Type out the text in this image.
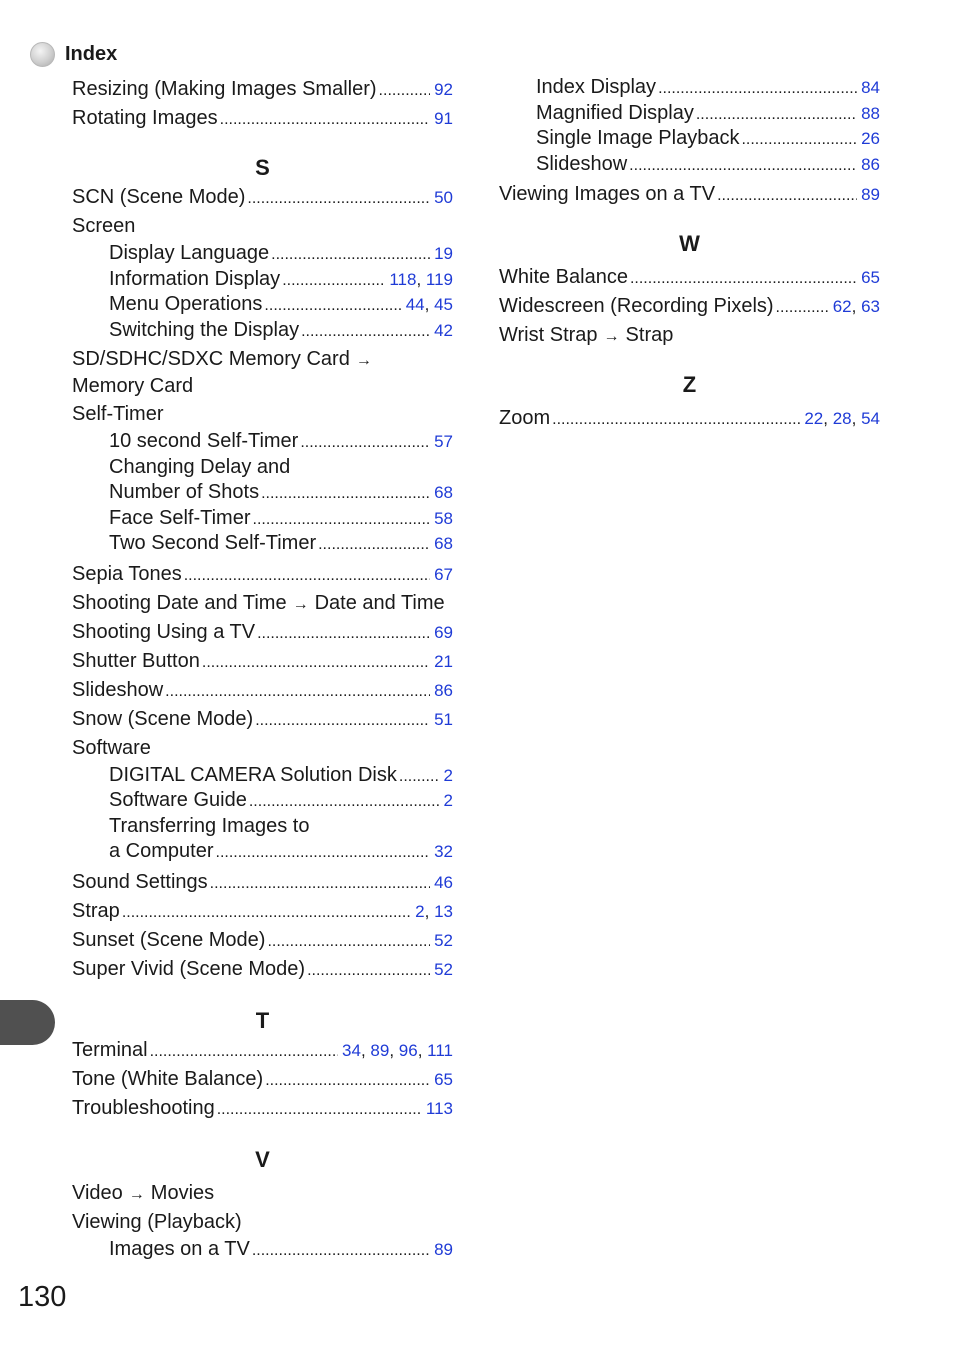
Index
Resizing (Making Images Smaller) .....	92
Rotating Images .....	91
S
SCN (Scene Mode) .....	50
Screen
Display Language .....	19
Information Display .....	118, 119
Menu Operations .....	44, 45
Switching the Display .....	42
SD/SDHC/SDXC Memory Card →
Memory Card
Self-Timer
10 second Self-Timer .....	57
Changing Delay and
Number of Shots .....	68
Face Self-Timer .....	58
Two Second Self-Timer .....	68
Sepia Tones .....	67
Shooting Date and Time → Date and Time
Shooting Using a TV .....	69
Shutter Button .....	21
Slideshow .....	86
Snow (Scene Mode) .....	51
Software
DIGITAL CAMERA Solution Disk .....	2
Software Guide .....	2
Transferring Images to
a Computer .....	32
Sound Settings .....	46
Strap .....	2, 13
Sunset (Scene Mode) .....	52
Super Vivid (Scene Mode) .....	52
T
Terminal .....	34, 89, 96, 111
Tone (White Balance) .....	65
Troubleshooting .....	113
V
Video → Movies
Viewing (Playback)
Images on a TV .....	89
Index Display .....	84
Magnified Display .....	88
Single Image Playback .....	26
Slideshow .....	86
Viewing Images on a TV .....	89
W
White Balance .....	65
Widescreen (Recording Pixels) .....	62, 63
Wrist Strap → Strap
Z
Zoom .....	22, 28, 54
130
